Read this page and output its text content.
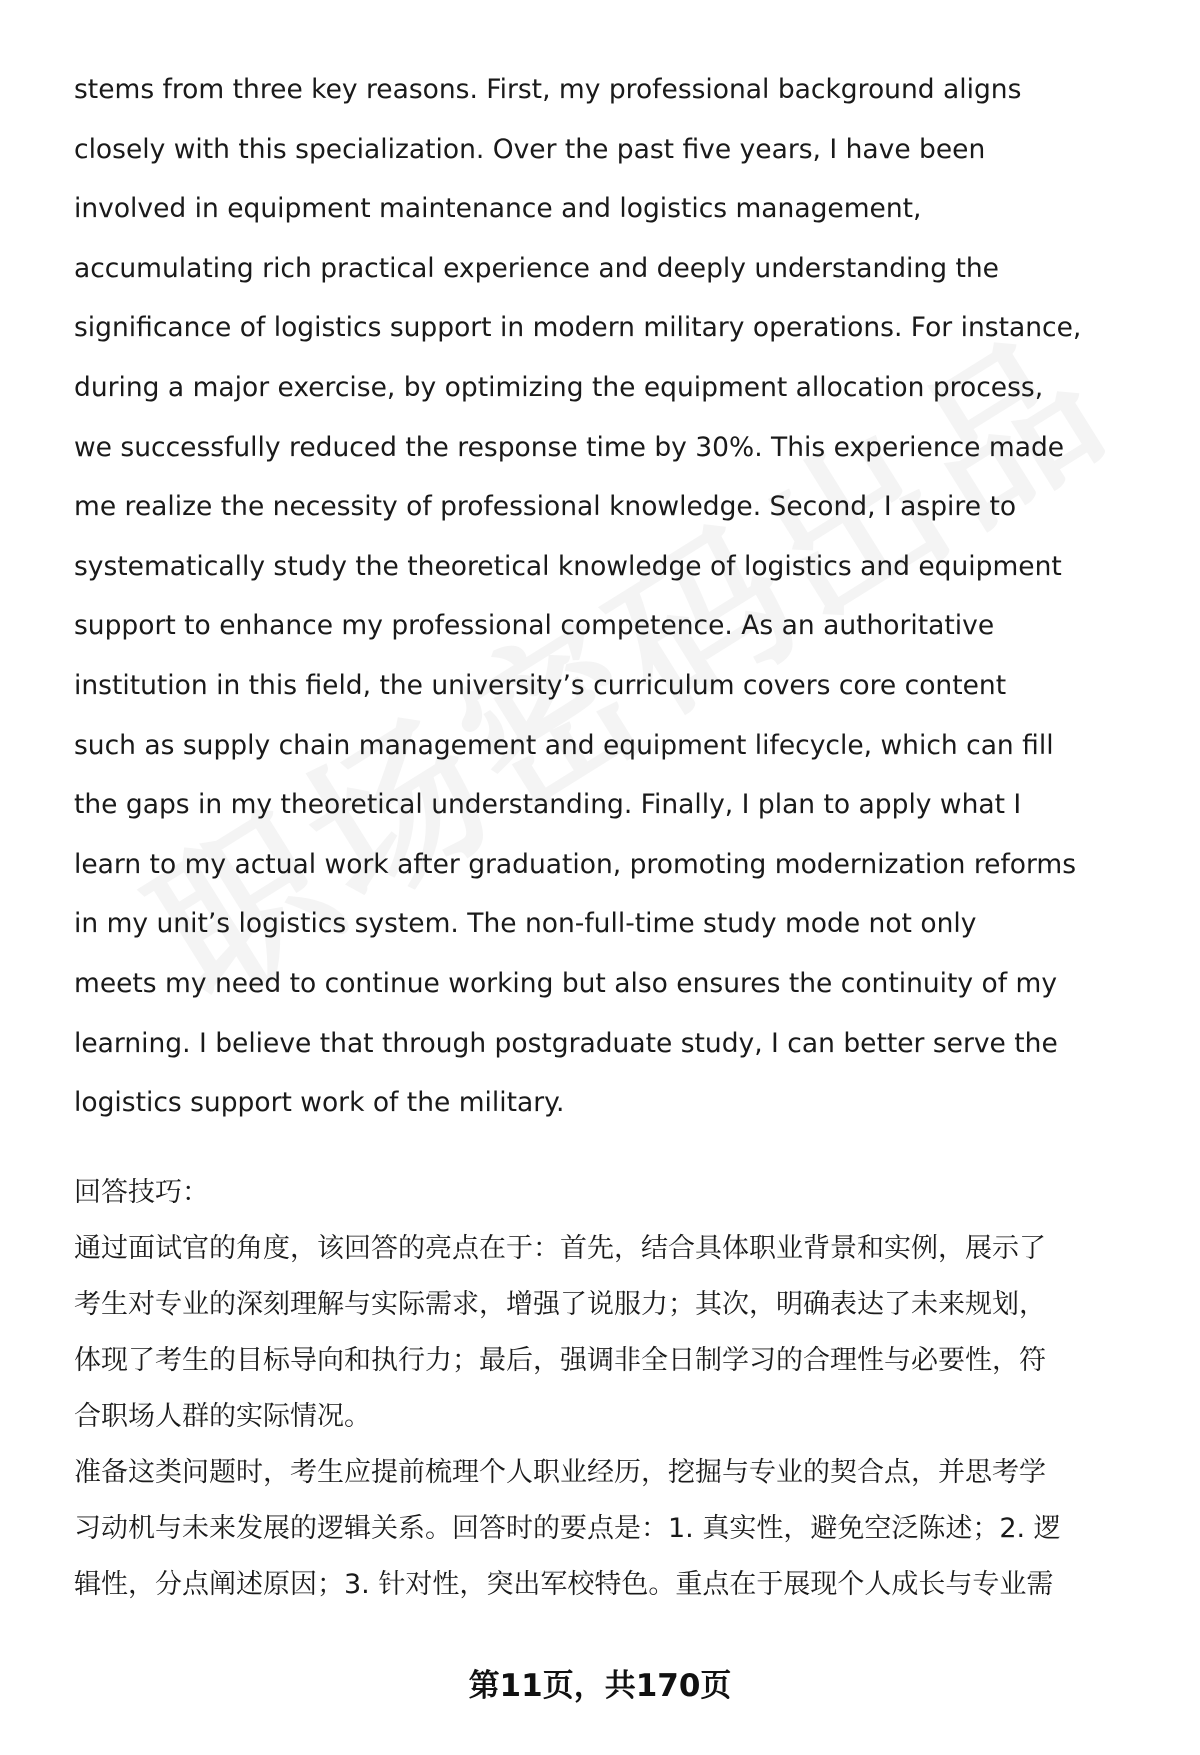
stems from three key reasons. First, my professional background aligns
closely with this specialization. Over the past five years, I have been
involved in equipment maintenance and logistics management,
accumulating rich practical experience and deeply understanding the
significance of logistics support in modern military operations. For instance,
during a major exercise, by optimizing the equipment allocation process,
we successfully reduced the response time by 30%. This experience made
me realize the necessity of professional knowledge. Second, I aspire to
systematically study the theoretical knowledge of logistics and equipment
support to enhance my professional competence. As an authoritative
institution in this field, the university’s curriculum covers core content
such as supply chain management and equipment lifecycle, which can fill
the gaps in my theoretical understanding. Finally, I plan to apply what I
learn to my actual work after graduation, promoting modernization reforms
in my unit’s logistics system. The non-full-time study mode not only
meets my need to continue working but also ensures the continuity of my
learning. I believe that through postgraduate study, I can better serve the
logistics support work of the military.
回答技巧：
通过面试官的角度，该回答的亮点在于：首先，结合具体职业背景和实例，展示了
考生对专业的深刻理解与实际需求，增强了说服力；其次，明确表达了未来规划，
体现了考生的目标导向和执行力；最后，强调非全日制学习的合理性与必要性，符
合职场人群的实际情况。
准备这类问题时，考生应提前梳理个人职业经历，挖掘与专业的契合点，并思考学
习动机与未来发展的逻辑关系。回答时的要点是：1. 真实性，避免空泛陈述；2. 逻
辑性，分点阐述原因；3. 针对性，突出军校特色。重点在于展现个人成长与专业需
第11页，共170页
